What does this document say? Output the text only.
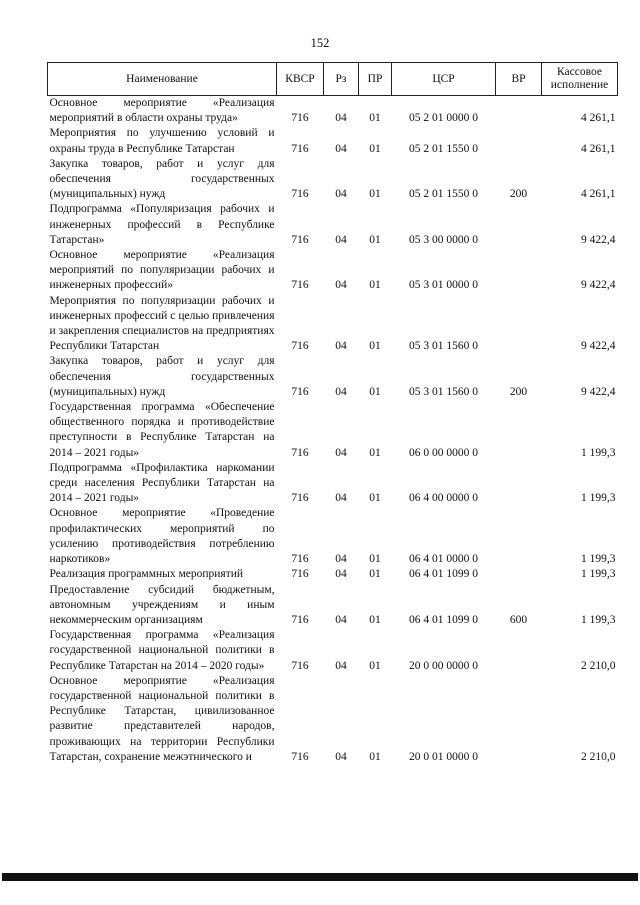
152
Наименование	КВСР	Рз	ПР	ЦСР	ВР	Кассовое исполнение
Основное мероприятие «Реализация мероприятий в области охраны труда»	716	04	01	05 2 01 0000 0		4 261,1
Мероприятия по улучшению условий и охраны труда в Республике Татарстан	716	04	01	05 2 01 1550 0		4 261,1
Закупка товаров, работ и услуг для обеспечения государственных (муниципальных) нужд	716	04	01	05 2 01 1550 0	200	4 261,1
Подпрограмма «Популяризация рабочих и инженерных профессий в Республике Татарстан»	716	04	01	05 3 00 0000 0		9 422,4
Основное мероприятие «Реализация мероприятий по популяризации рабочих и инженерных профессий»	716	04	01	05 3 01 0000 0		9 422,4
Мероприятия по популяризации рабочих и инженерных профессий с целью привлечения и закрепления специалистов на предприятиях Республики Татарстан	716	04	01	05 3 01 1560 0		9 422,4
Закупка товаров, работ и услуг для обеспечения государственных (муниципальных) нужд	716	04	01	05 3 01 1560 0	200	9 422,4
Государственная программа «Обеспечение общественного порядка и противодействие преступности в Республике Татарстан на 2014 – 2021 годы»	716	04	01	06 0 00 0000 0		1 199,3
Подпрограмма «Профилактика наркомании среди населения Республики Татарстан на 2014 – 2021 годы»	716	04	01	06 4 00 0000 0		1 199,3
Основное мероприятие «Проведение профилактических мероприятий по усилению противодействия потреблению наркотиков»	716	04	01	06 4 01 0000 0		1 199,3
Реализация программных мероприятий	716	04	01	06 4 01 1099 0		1 199,3
Предоставление субсидий бюджетным, автономным учреждениям и иным некоммерческим организациям	716	04	01	06 4 01 1099 0	600	1 199,3
Государственная программа «Реализация государственной национальной политики в Республике Татарстан на 2014 – 2020 годы»	716	04	01	20 0 00 0000 0		2 210,0
Основное мероприятие «Реализация государственной национальной политики в Республике Татарстан, цивилизованное развитие представителей народов, проживающих на территории Республики Татарстан, сохранение межэтнического и	716	04	01	20 0 01 0000 0		2 210,0
